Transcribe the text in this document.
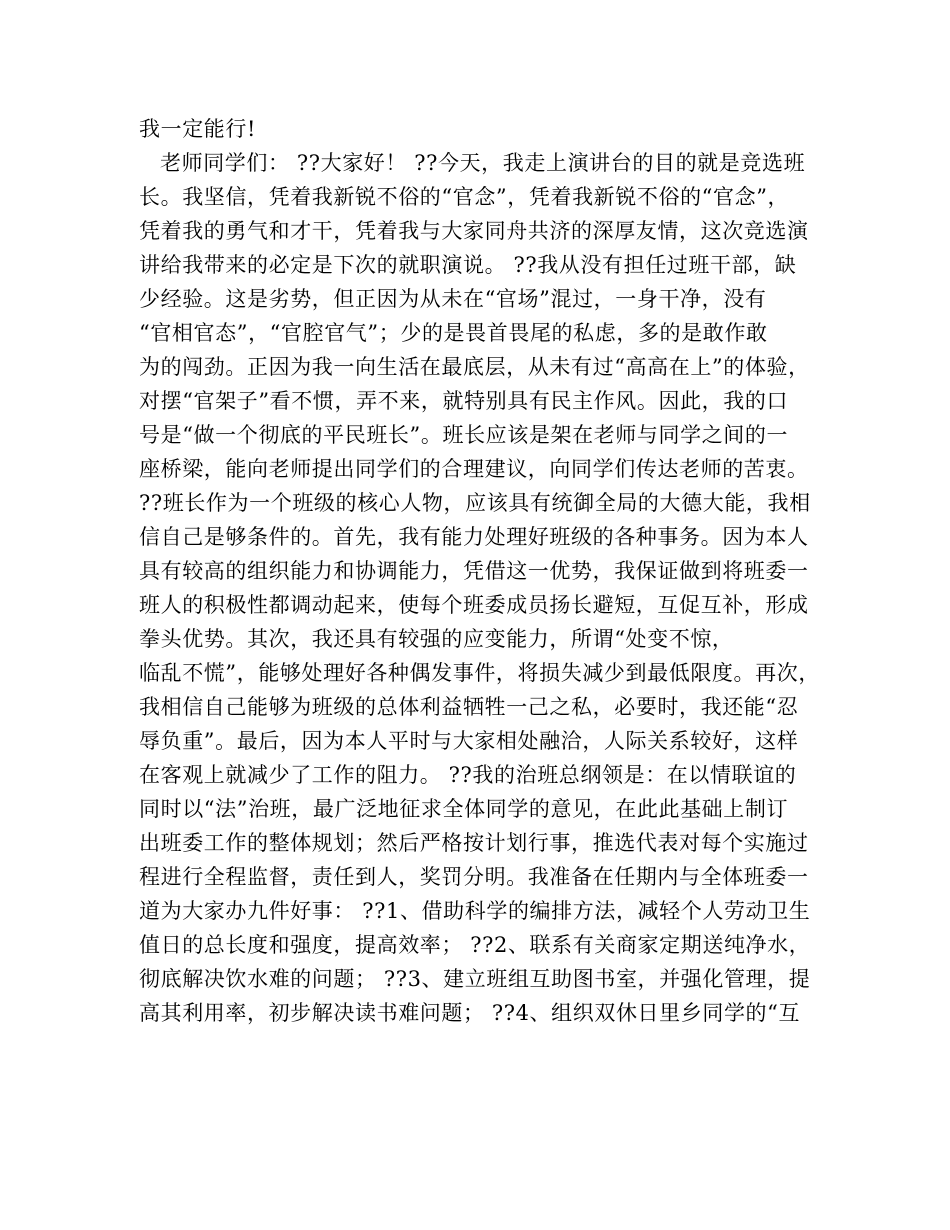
我一定能行!
老师同学们： ??大家好！ ??今天，我走上演讲台的目的就是竞选班
长。我坚信，凭着我新锐不俗的“官念”，凭着我新锐不俗的“官念”，
凭着我的勇气和才干，凭着我与大家同舟共济的深厚友情，这次竞选演
讲给我带来的必定是下次的就职演说。 ??我从没有担任过班干部，缺
少经验。这是劣势，但正因为从未在“官场”混过，一身干净，没有
“官相官态”，“官腔官气”；少的是畏首畏尾的私虑，多的是敢作敢
为的闯劲。正因为我一向生活在最底层，从未有过“高高在上”的体验，
对摆“官架子”看不惯，弄不来，就特别具有民主作风。因此，我的口
号是“做一个彻底的平民班长”。班长应该是架在老师与同学之间的一
座桥梁，能向老师提出同学们的合理建议，向同学们传达老师的苦衷。
??班长作为一个班级的核心人物，应该具有统御全局的大德大能，我相
信自己是够条件的。首先，我有能力处理好班级的各种事务。因为本人
具有较高的组织能力和协调能力，凭借这一优势，我保证做到将班委一
班人的积极性都调动起来，使每个班委成员扬长避短，互促互补，形成
拳头优势。其次，我还具有较强的应变能力，所谓“处变不惊，
临乱不慌”，能够处理好各种偶发事件，将损失减少到最低限度。再次，
我相信自己能够为班级的总体利益牺牲一己之私，必要时，我还能“忍
辱负重”。最后，因为本人平时与大家相处融洽，人际关系较好，这样
在客观上就减少了工作的阻力。 ??我的治班总纲领是：在以情联谊的
同时以“法”治班，最广泛地征求全体同学的意见，在此此基础上制订
出班委工作的整体规划；然后严格按计划行事，推选代表对每个实施过
程进行全程监督，责任到人，奖罚分明。我准备在任期内与全体班委一
道为大家办九件好事： ??1、借助科学的编排方法，减轻个人劳动卫生
值日的总长度和强度，提高效率； ??2、联系有关商家定期送纯净水，
彻底解决饮水难的问题； ??3、建立班组互助图书室，并强化管理，提
高其利用率，初步解决读书难问题； ??4、组织双休日里乡同学的“互
